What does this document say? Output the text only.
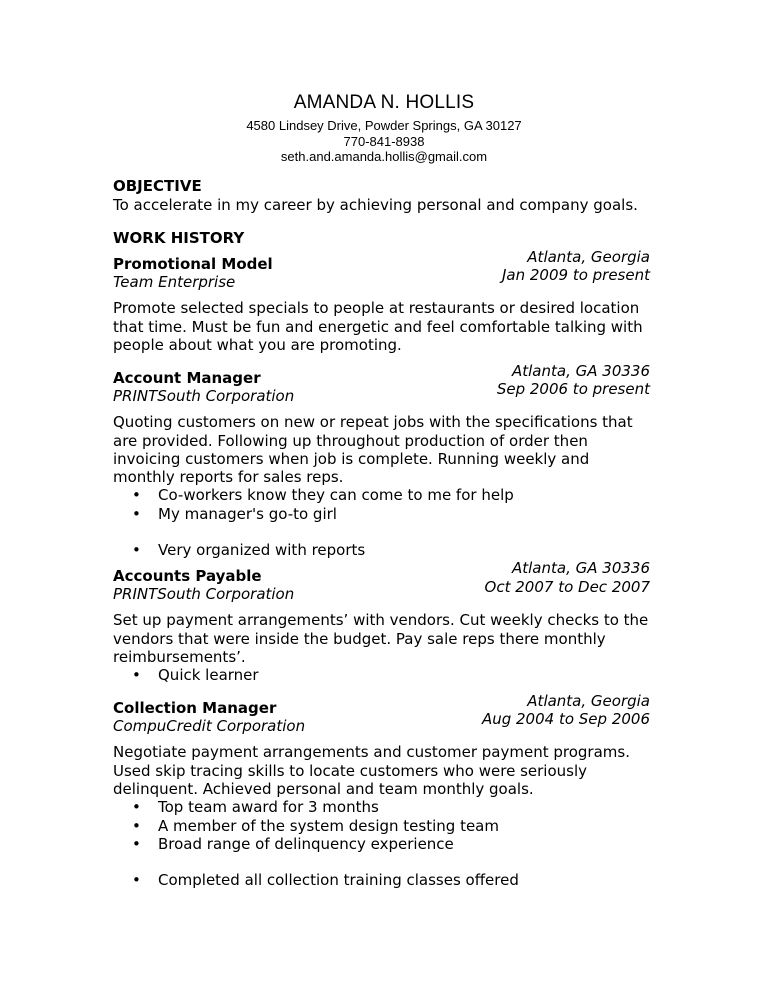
AMANDA N. HOLLIS
4580 Lindsey Drive, Powder Springs, GA 30127
770-841-8938
seth.and.amanda.hollis@gmail.com
OBJECTIVE
To accelerate in my career by achieving personal and company goals.
WORK HISTORY
Atlanta, Georgia
Jan 2009 to present
Promotional Model
Team Enterprise
Promote selected specials to people at restaurants or desired location
that time. Must be fun and energetic and feel comfortable talking with
people about what you are promoting.
Atlanta, GA 30336
Sep 2006 to present
Account Manager
PRINTSouth Corporation
Quoting customers on new or repeat jobs with the specifications that
are provided. Following up throughout production of order then
invoicing customers when job is complete. Running weekly and
monthly reports for sales reps.
• Co-workers know they can come to me for help
• My manager's go-to girl
• Very organized with reports
Atlanta, GA 30336
Oct 2007 to Dec 2007
Accounts Payable
PRINTSouth Corporation
Set up payment arrangements’ with vendors. Cut weekly checks to the
vendors that were inside the budget. Pay sale reps there monthly
reimbursements’.
• Quick learner
Atlanta, Georgia
Aug 2004 to Sep 2006
Collection Manager
CompuCredit Corporation
Negotiate payment arrangements and customer payment programs.
Used skip tracing skills to locate customers who were seriously
delinquent. Achieved personal and team monthly goals.
• Top team award for 3 months
• A member of the system design testing team
• Broad range of delinquency experience
• Completed all collection training classes offered
